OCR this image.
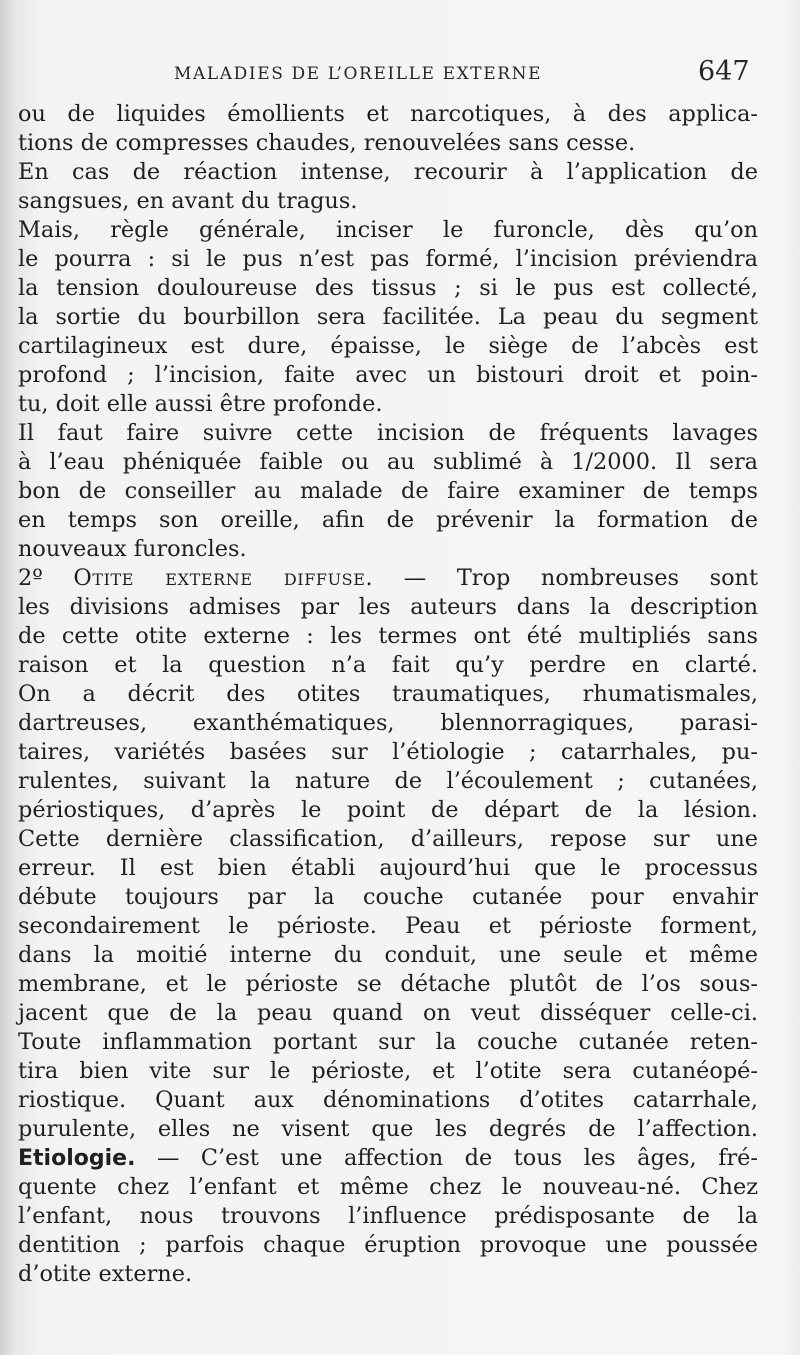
MALADIES DE L’OREILLE EXTERNE	647
ou de liquides émollients et narcotiques, à des applica-
tions de compresses chaudes, renouvelées sans cesse.
En cas de réaction intense, recourir à l’application de
sangsues, en avant du tragus.
Mais, règle générale, inciser le furoncle, dès qu’on
le pourra : si le pus n’est pas formé, l’incision préviendra
la tension douloureuse des tissus ; si le pus est collecté,
la sortie du bourbillon sera facilitée. La peau du segment
cartilagineux est dure, épaisse, le siège de l’abcès est
profond ; l’incision, faite avec un bistouri droit et poin-
tu, doit elle aussi être profonde.
Il faut faire suivre cette incision de fréquents lavages
à l’eau phéniquée faible ou au sublimé à 1/2000. Il sera
bon de conseiller au malade de faire examiner de temps
en temps son oreille, afin de prévenir la formation de
nouveaux furoncles.
2º Otite externe diffuse. — Trop nombreuses sont
les divisions admises par les auteurs dans la description
de cette otite externe : les termes ont été multipliés sans
raison et la question n’a fait qu’y perdre en clarté.
On a décrit des otites traumatiques, rhumatismales,
dartreuses, exanthématiques, blennorragiques, parasi-
taires, variétés basées sur l’étiologie ; catarrhales, pu-
rulentes, suivant la nature de l’écoulement ; cutanées,
périostiques, d’après le point de départ de la lésion.
Cette dernière classification, d’ailleurs, repose sur une
erreur. Il est bien établi aujourd’hui que le processus
débute toujours par la couche cutanée pour envahir
secondairement le périoste. Peau et périoste forment,
dans la moitié interne du conduit, une seule et même
membrane, et le périoste se détache plutôt de l’os sous-
jacent que de la peau quand on veut disséquer celle-ci.
Toute inflammation portant sur la couche cutanée reten-
tira bien vite sur le périoste, et l’otite sera cutanéopé-
riostique. Quant aux dénominations d’otites catarrhale,
purulente, elles ne visent que les degrés de l’affection.
Etiologie. — C’est une affection de tous les âges, fré-
quente chez l’enfant et même chez le nouveau-né. Chez
l’enfant, nous trouvons l’influence prédisposante de la
dentition ; parfois chaque éruption provoque une poussée
d’otite externe.
